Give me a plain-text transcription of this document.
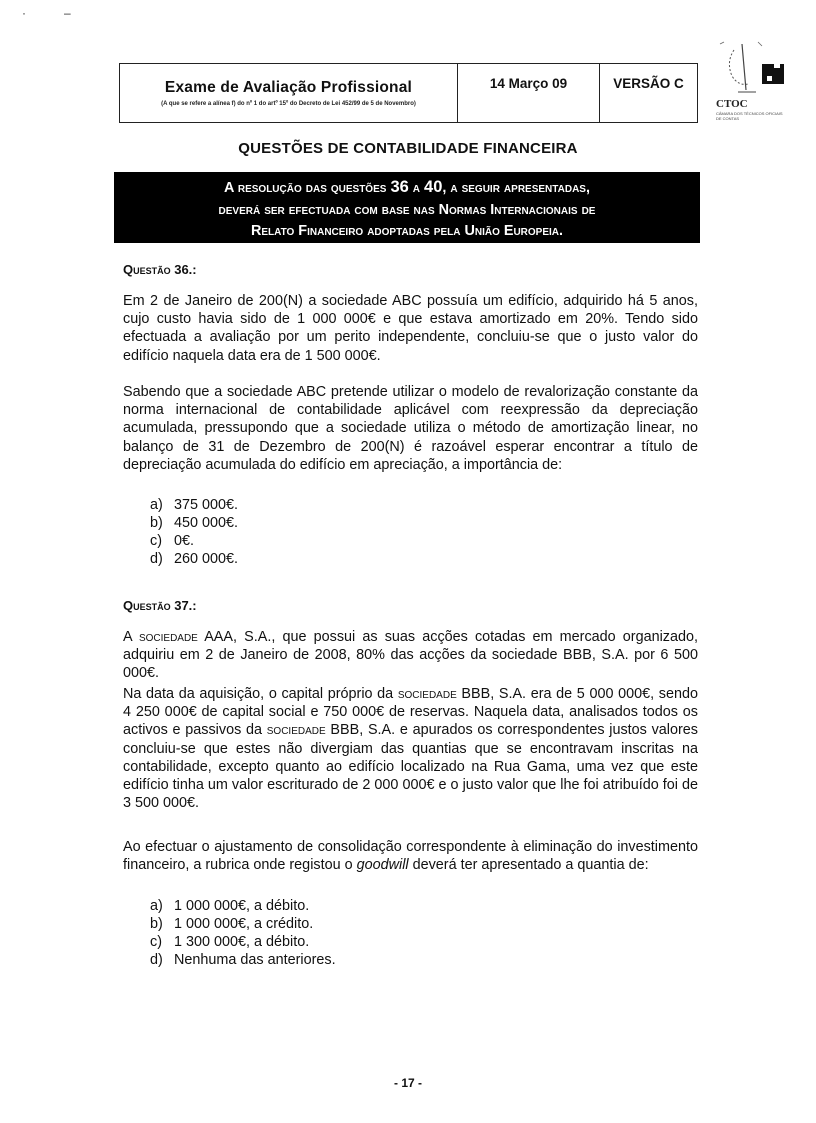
·	–
Exame de Avaliação Profissional
(A que se refere a alínea f) do nº 1 do artº 15º do Decreto de Lei 452/99 de 5 de Novembro)
14 Março 09	VERSÃO C
CTOC
CÂMARA DOS TÉCNICOS OFICIAIS DE CONTAS
QUESTÕES DE CONTABILIDADE FINANCEIRA
A resolução das questões 36 a 40, a seguir apresentadas,
deverá ser efectuada com base nas Normas Internacionais de
Relato Financeiro adoptadas pela União Europeia.
Questão 36.:
Em 2 de Janeiro de 200(N) a sociedade ABC possuía um edifício, adquirido há 5 anos, cujo custo havia sido de 1 000 000€ e que estava amortizado em 20%. Tendo sido efectuada a avaliação por um perito independente, concluiu-se que o justo valor do edifício naquela data era de 1 500 000€.
Sabendo que a sociedade ABC pretende utilizar o modelo de revalorização constante da norma internacional de contabilidade aplicável com reexpressão da depreciação acumulada, pressupondo que a sociedade utiliza o método de amortização linear, no balanço de 31 de Dezembro de 200(N) é razoável esperar encontrar a título de depreciação acumulada do edifício em apreciação, a importância de:
a) 375 000€.
b) 450 000€.
c) 0€.
d) 260 000€.
Questão 37.:
A sociedade AAA, S.A., que possui as suas acções cotadas em mercado organizado, adquiriu em 2 de Janeiro de 2008, 80% das acções da sociedade BBB, S.A. por 6 500 000€.
Na data da aquisição, o capital próprio da sociedade BBB, S.A. era de 5 000 000€, sendo 4 250 000€ de capital social e 750 000€ de reservas. Naquela data, analisados todos os activos e passivos da sociedade BBB, S.A. e apurados os correspondentes justos valores concluiu-se que estes não divergiam das quantias que se encontravam inscritas na contabilidade, excepto quanto ao edifício localizado na Rua Gama, uma vez que este edifício tinha um valor escriturado de 2 000 000€ e o justo valor que lhe foi atribuído foi de 3 500 000€.
Ao efectuar o ajustamento de consolidação correspondente à eliminação do investimento financeiro, a rubrica onde registou o goodwill deverá ter apresentado a quantia de:
a) 1 000 000€, a débito.
b) 1 000 000€, a crédito.
c) 1 300 000€, a débito.
d) Nenhuma das anteriores.
- 17 -
